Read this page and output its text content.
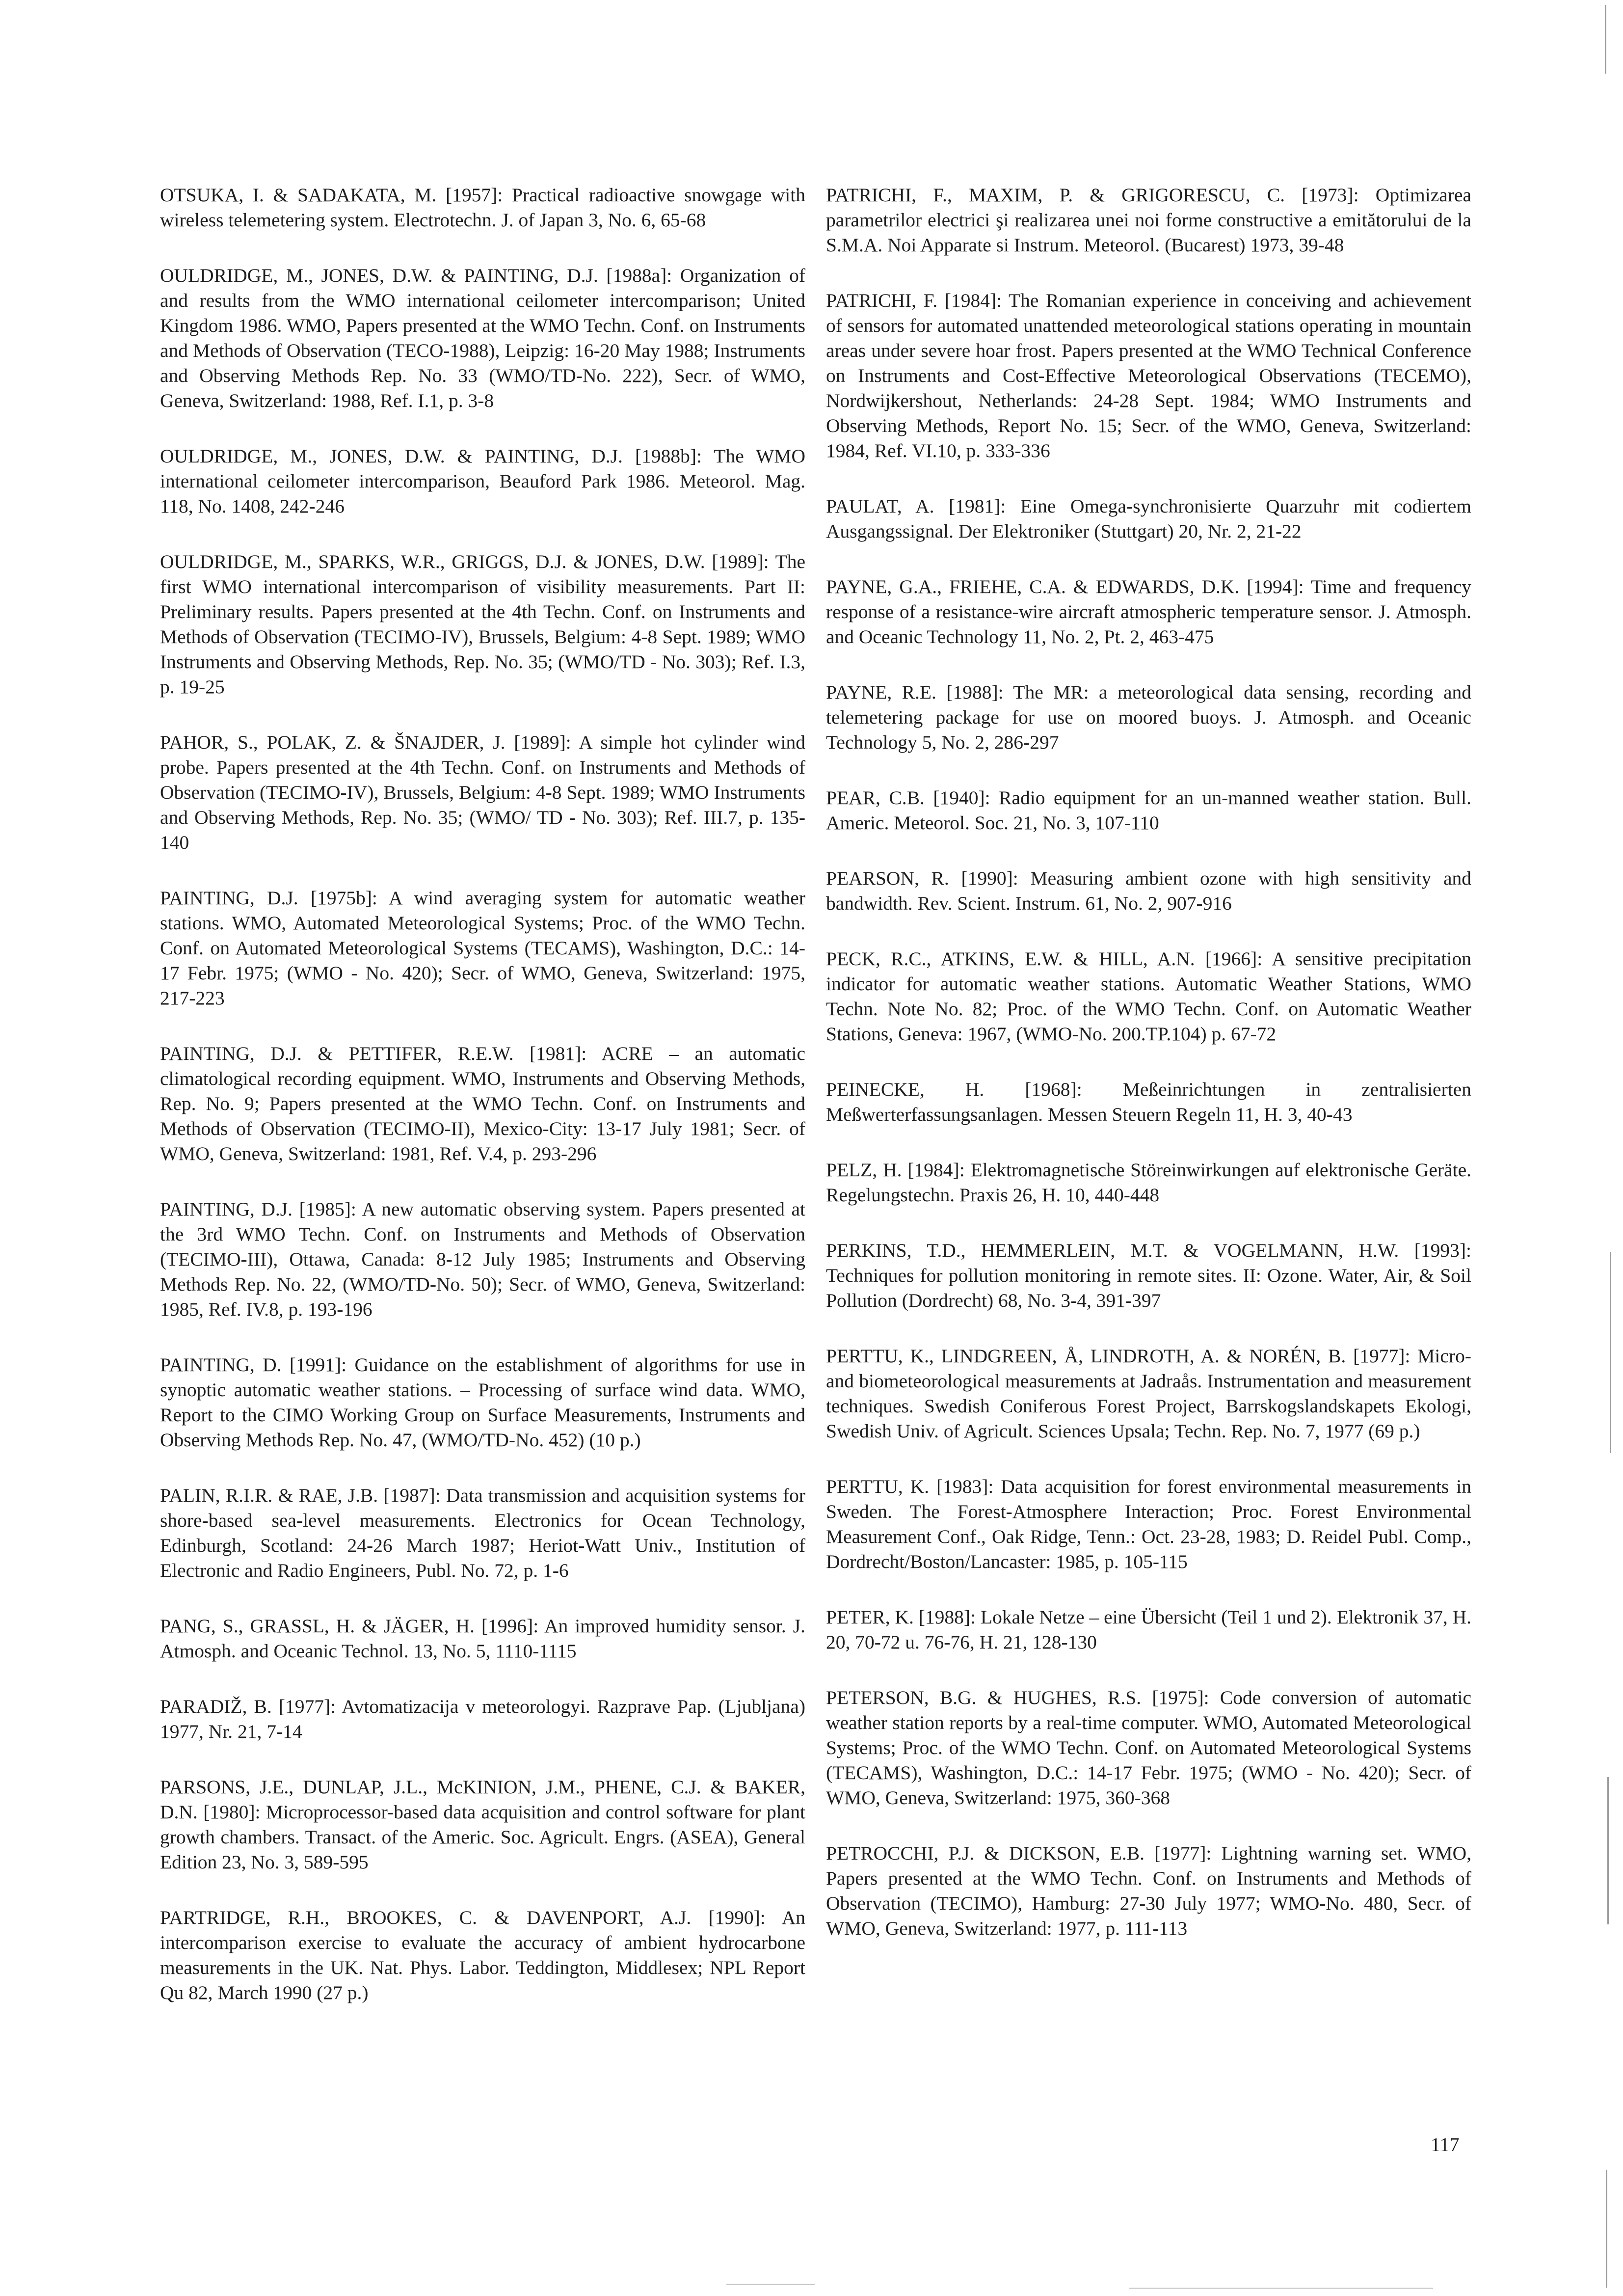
OTSUKA, I. & SADAKATA, M. [1957]: Practical radioactive snowgage with wireless telemetering system. Electrotechn. J. of Japan 3, No. 6, 65-68

OULDRIDGE, M., JONES, D.W. & PAINTING, D.J. [1988a]: Organization of and results from the WMO international ceilometer intercomparison; United Kingdom 1986. WMO, Papers presented at the WMO Techn. Conf. on Instruments and Methods of Observation (TECO-1988), Leipzig: 16-20 May 1988; Instruments and Observing Methods Rep. No. 33 (WMO/TD-No. 222), Secr. of WMO, Geneva, Switzerland: 1988, Ref. I.1, p. 3-8

OULDRIDGE, M., JONES, D.W. & PAINTING, D.J. [1988b]: The WMO international ceilometer intercomparison, Beauford Park 1986. Meteorol. Mag. 118, No. 1408, 242-246

OULDRIDGE, M., SPARKS, W.R., GRIGGS, D.J. & JONES, D.W. [1989]: The first WMO international intercomparison of visibility measurements. Part II: Preliminary results. Papers presented at the 4th Techn. Conf. on Instruments and Methods of Observation (TECIMO-IV), Brussels, Belgium: 4-8 Sept. 1989; WMO Instruments and Observing Methods, Rep. No. 35; (WMO/TD - No. 303); Ref. I.3, p. 19-25

PAHOR, S., POLAK, Z. & ŠNAJDER, J. [1989]: A simple hot cylinder wind probe. Papers presented at the 4th Techn. Conf. on Instruments and Methods of Observation (TECIMO-IV), Brussels, Belgium: 4-8 Sept. 1989; WMO Instruments and Observing Methods, Rep. No. 35; (WMO/ TD - No. 303); Ref. III.7, p. 135-140

PAINTING, D.J. [1975b]: A wind averaging system for automatic weather stations. WMO, Automated Meteorological Systems; Proc. of the WMO Techn. Conf. on Automated Meteorological Systems (TECAMS), Washington, D.C.: 14-17 Febr. 1975; (WMO - No. 420); Secr. of WMO, Geneva, Switzerland: 1975, 217-223

PAINTING, D.J. & PETTIFER, R.E.W. [1981]: ACRE – an automatic climatological recording equipment. WMO, Instruments and Observing Methods, Rep. No. 9; Papers presented at the WMO Techn. Conf. on Instruments and Methods of Observation (TECIMO-II), Mexico-City: 13-17 July 1981; Secr. of WMO, Geneva, Switzerland: 1981, Ref. V.4, p. 293-296

PAINTING, D.J. [1985]: A new automatic observing system. Papers presented at the 3rd WMO Techn. Conf. on Instruments and Methods of Observation (TECIMO-III), Ottawa, Canada: 8-12 July 1985; Instruments and Observing Methods Rep. No. 22, (WMO/TD-No. 50); Secr. of WMO, Geneva, Switzerland: 1985, Ref. IV.8, p. 193-196

PAINTING, D. [1991]: Guidance on the establishment of algorithms for use in synoptic automatic weather stations. – Processing of surface wind data. WMO, Report to the CIMO Working Group on Surface Measurements, Instruments and Observing Methods Rep. No. 47, (WMO/TD-No. 452) (10 p.)

PALIN, R.I.R. & RAE, J.B. [1987]: Data transmission and acquisition systems for shore-based sea-level measurements. Electronics for Ocean Technology, Edinburgh, Scotland: 24-26 March 1987; Heriot-Watt Univ., Institution of Electronic and Radio Engineers, Publ. No. 72, p. 1-6

PANG, S., GRASSL, H. & JÄGER, H. [1996]: An improved humidity sensor. J. Atmosph. and Oceanic Technol. 13, No. 5, 1110-1115

PARADIŽ, B. [1977]: Avtomatizacija v meteorologyi. Razprave Pap. (Ljubljana) 1977, Nr. 21, 7-14

PARSONS, J.E., DUNLAP, J.L., McKINION, J.M., PHENE, C.J. & BAKER, D.N. [1980]: Microprocessor-based data acquisition and control software for plant growth chambers. Transact. of the Americ. Soc. Agricult. Engrs. (ASEA), General Edition 23, No. 3, 589-595

PARTRIDGE, R.H., BROOKES, C. & DAVENPORT, A.J. [1990]: An intercomparison exercise to evaluate the accuracy of ambient hydrocarbone measurements in the UK. Nat. Phys. Labor. Teddington, Middlesex; NPL Report Qu 82, March 1990 (27 p.)

PATRICHI, F., MAXIM, P. & GRIGORESCU, C. [1973]: Optimizarea parametrilor electrici şi realizarea unei noi forme constructive a emitătorului de la S.M.A. Noi Apparate si Instrum. Meteorol. (Bucarest) 1973, 39-48

PATRICHI, F. [1984]: The Romanian experience in conceiving and achievement of sensors for automated unattended meteorological stations operating in mountain areas under severe hoar frost. Papers presented at the WMO Technical Conference on Instruments and Cost-Effective Meteorological Observations (TECEMO), Nordwijkershout, Netherlands: 24-28 Sept. 1984; WMO Instruments and Observing Methods, Report No. 15; Secr. of the WMO, Geneva, Switzerland: 1984, Ref. VI.10, p. 333-336

PAULAT, A. [1981]: Eine Omega-synchronisierte Quarzuhr mit codiertem Ausgangssignal. Der Elektroniker (Stuttgart) 20, Nr. 2, 21-22

PAYNE, G.A., FRIEHE, C.A. & EDWARDS, D.K. [1994]: Time and frequency response of a resistance-wire aircraft atmospheric temperature sensor. J. Atmosph. and Oceanic Technology 11, No. 2, Pt. 2, 463-475

PAYNE, R.E. [1988]: The MR: a meteorological data sensing, recording and telemetering package for use on moored buoys. J. Atmosph. and Oceanic Technology 5, No. 2, 286-297

PEAR, C.B. [1940]: Radio equipment for an un-manned weather station. Bull. Americ. Meteorol. Soc. 21, No. 3, 107-110

PEARSON, R. [1990]: Measuring ambient ozone with high sensitivity and bandwidth. Rev. Scient. Instrum. 61, No. 2, 907-916

PECK, R.C., ATKINS, E.W. & HILL, A.N. [1966]: A sensitive precipitation indicator for automatic weather stations. Automatic Weather Stations, WMO Techn. Note No. 82; Proc. of the WMO Techn. Conf. on Automatic Weather Stations, Geneva: 1967, (WMO-No. 200.TP.104) p. 67-72

PEINECKE, H. [1968]: Meßeinrichtungen in zentralisierten Meßwerterfassungsanlagen. Messen Steuern Regeln 11, H. 3, 40-43

PELZ, H. [1984]: Elektromagnetische Störeinwirkungen auf elektronische Geräte. Regelungstechn. Praxis 26, H. 10, 440-448

PERKINS, T.D., HEMMERLEIN, M.T. & VOGELMANN, H.W. [1993]: Techniques for pollution monitoring in remote sites. II: Ozone. Water, Air, & Soil Pollution (Dordrecht) 68, No. 3-4, 391-397

PERTTU, K., LINDGREEN, Å, LINDROTH, A. & NORÉN, B. [1977]: Micro- and biometeorological measurements at Jadraås. Instrumentation and measurement techniques. Swedish Coniferous Forest Project, Barrskogslandskapets Ekologi, Swedish Univ. of Agricult. Sciences Upsala; Techn. Rep. No. 7, 1977 (69 p.)

PERTTU, K. [1983]: Data acquisition for forest environmental measurements in Sweden. The Forest-Atmosphere Interaction; Proc. Forest Environmental Measurement Conf., Oak Ridge, Tenn.: Oct. 23-28, 1983; D. Reidel Publ. Comp., Dordrecht/Boston/Lancaster: 1985, p. 105-115

PETER, K. [1988]: Lokale Netze – eine Übersicht (Teil 1 und 2). Elektronik 37, H. 20, 70-72 u. 76-76, H. 21, 128-130

PETERSON, B.G. & HUGHES, R.S. [1975]: Code conversion of automatic weather station reports by a real-time computer. WMO, Automated Meteorological Systems; Proc. of the WMO Techn. Conf. on Automated Meteorological Systems (TECAMS), Washington, D.C.: 14-17 Febr. 1975; (WMO - No. 420); Secr. of WMO, Geneva, Switzerland: 1975, 360-368

PETROCCHI, P.J. & DICKSON, E.B. [1977]: Lightning warning set. WMO, Papers presented at the WMO Techn. Conf. on Instruments and Methods of Observation (TECIMO), Hamburg: 27-30 July 1977; WMO-No. 480, Secr. of WMO, Geneva, Switzerland: 1977, p. 111-113

117
